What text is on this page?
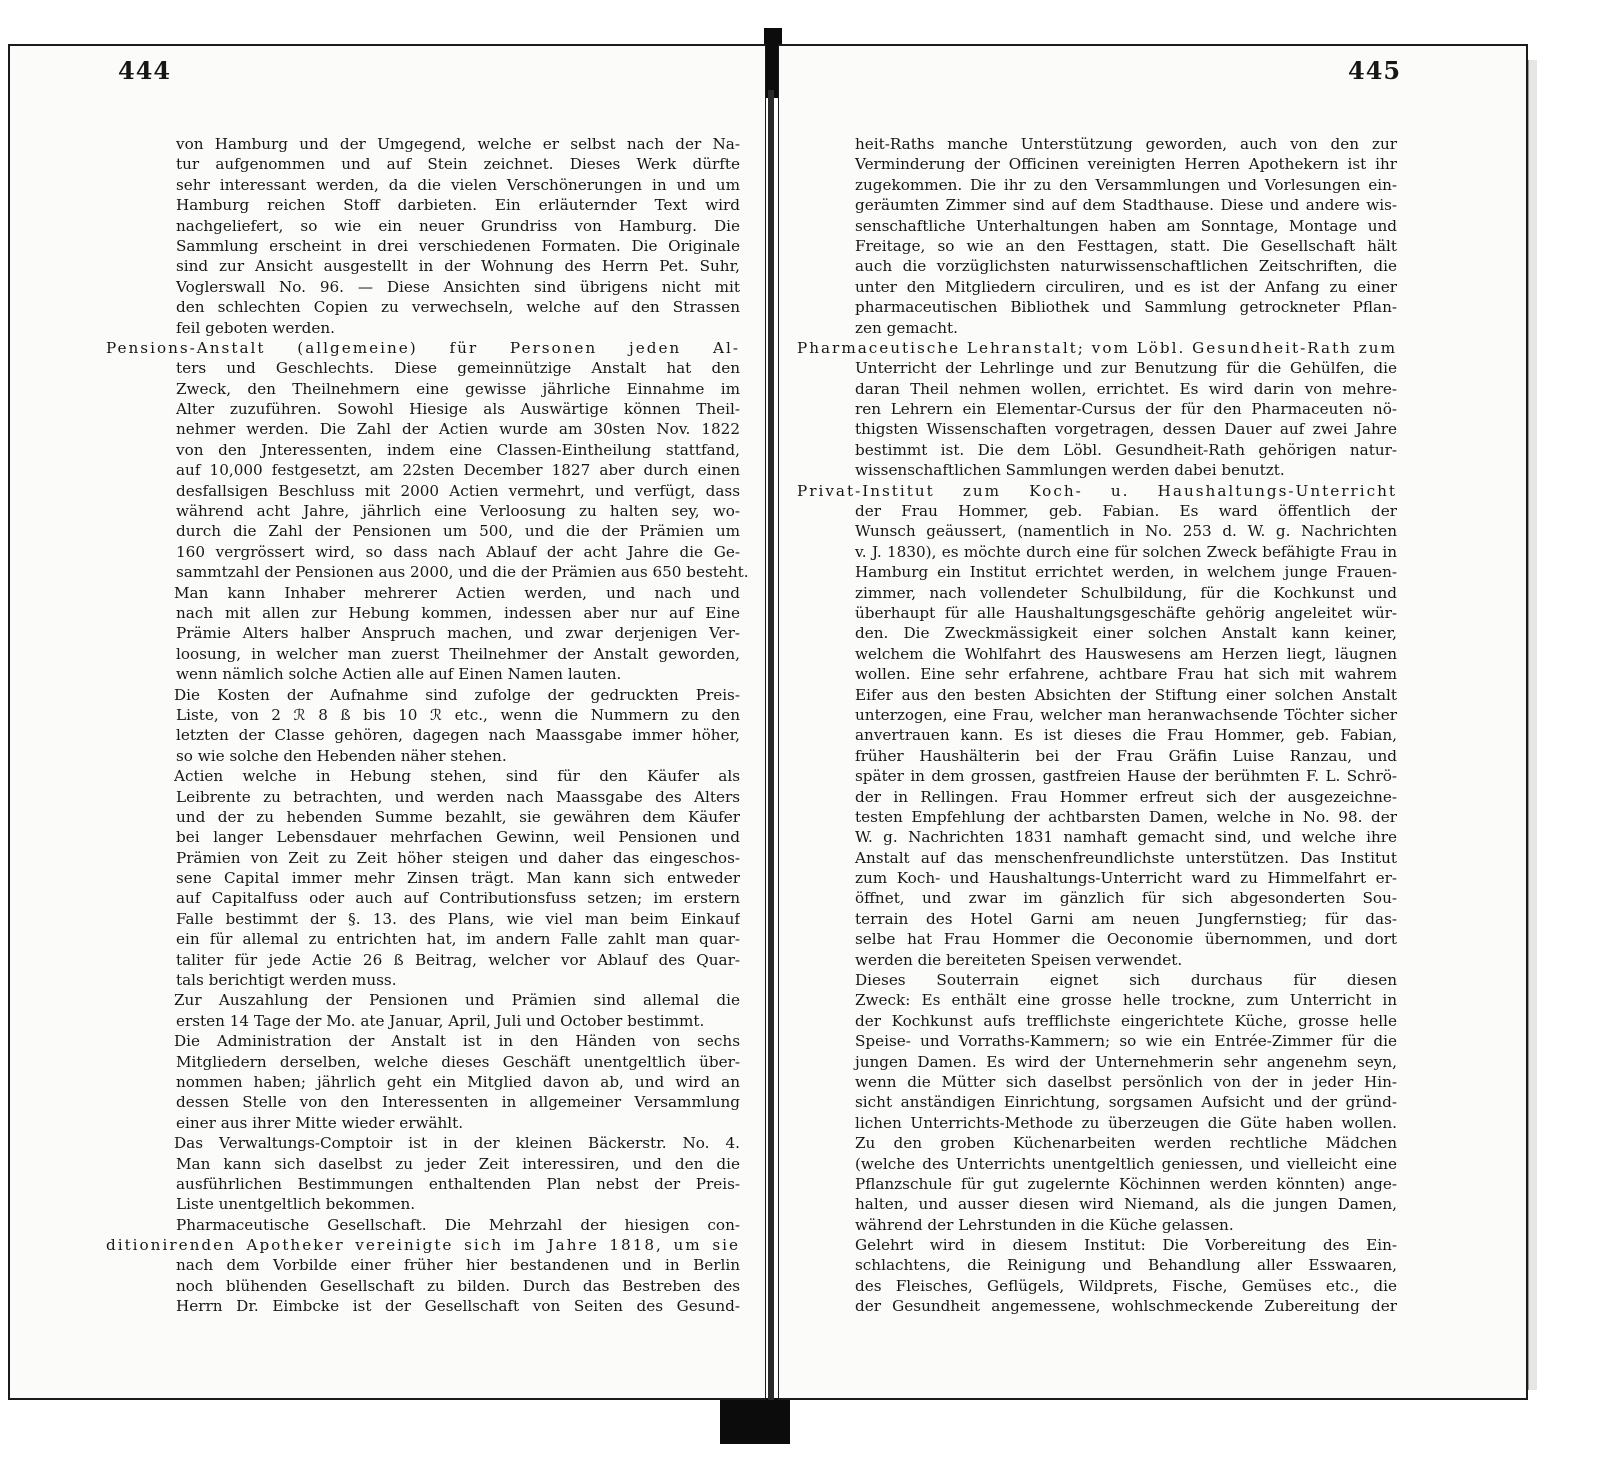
von Hamburg und der Umgegend, welche er selbst nach der Na-
tur aufgenommen und auf Stein zeichnet. Dieses Werk dürfte
sehr interessant werden, da die vielen Verschönerungen in und um
Hamburg reichen Stoff darbieten. Ein erläuternder Text wird
nachgeliefert, so wie ein neuer Grundriss von Hamburg. Die
Sammlung erscheint in drei verschiedenen Formaten. Die Originale
sind zur Ansicht ausgestellt in der Wohnung des Herrn Pet. Suhr,
Voglerswall No. 96. — Diese Ansichten sind übrigens nicht mit
den schlechten Copien zu verwechseln, welche auf den Strassen
feil geboten werden.
Pensions-Anstalt (allgemeine) für Personen jeden Al-
ters und Geschlechts. Diese gemeinnützige Anstalt hat den
Zweck, den Theilnehmern eine gewisse jährliche Einnahme im
Alter zuzuführen. Sowohl Hiesige als Auswärtige können Theil-
nehmer werden. Die Zahl der Actien wurde am 30sten Nov. 1822
von den Jnteressenten, indem eine Classen-Eintheilung stattfand,
auf 10,000 festgesetzt, am 22sten December 1827 aber durch einen
desfallsigen Beschluss mit 2000 Actien vermehrt, und verfügt, dass
während acht Jahre, jährlich eine Verloosung zu halten sey, wo-
durch die Zahl der Pensionen um 500, und die der Prämien um
160 vergrössert wird, so dass nach Ablauf der acht Jahre die Ge-
sammtzahl der Pensionen aus 2000, und die der Prämien aus 650 besteht.
Man kann Inhaber mehrerer Actien werden, und nach und
nach mit allen zur Hebung kommen, indessen aber nur auf Eine
Prämie Alters halber Anspruch machen, und zwar derjenigen Ver-
loosung, in welcher man zuerst Theilnehmer der Anstalt geworden,
wenn nämlich solche Actien alle auf Einen Namen lauten.
Die Kosten der Aufnahme sind zufolge der gedruckten Preis-
Liste, von 2 ℛ 8 ß bis 10 ℛ etc., wenn die Nummern zu den
letzten der Classe gehören, dagegen nach Maassgabe immer höher,
so wie solche den Hebenden näher stehen.
Actien welche in Hebung stehen, sind für den Käufer als
Leibrente zu betrachten, und werden nach Maassgabe des Alters
und der zu hebenden Summe bezahlt, sie gewähren dem Käufer
bei langer Lebensdauer mehrfachen Gewinn, weil Pensionen und
Prämien von Zeit zu Zeit höher steigen und daher das eingeschos-
sene Capital immer mehr Zinsen trägt. Man kann sich entweder
auf Capitalfuss oder auch auf Contributionsfuss setzen; im erstern
Falle bestimmt der §. 13. des Plans, wie viel man beim Einkauf
ein für allemal zu entrichten hat, im andern Falle zahlt man quar-
taliter für jede Actie 26 ß Beitrag, welcher vor Ablauf des Quar-
tals berichtigt werden muss.
Zur Auszahlung der Pensionen und Prämien sind allemal die
ersten 14 Tage der Mo. ate Januar, April, Juli und October bestimmt.
Die Administration der Anstalt ist in den Händen von sechs
Mitgliedern derselben, welche dieses Geschäft unentgeltlich über-
nommen haben; jährlich geht ein Mitglied davon ab, und wird an
dessen Stelle von den Interessenten in allgemeiner Versammlung
einer aus ihrer Mitte wieder erwählt.
Das Verwaltungs-Comptoir ist in der kleinen Bäckerstr. No. 4.
Man kann sich daselbst zu jeder Zeit interessiren, und den die
ausführlichen Bestimmungen enthaltenden Plan nebst der Preis-
Liste unentgeltlich bekommen.
Pharmaceutische Gesellschaft. Die Mehrzahl der hiesigen con-
ditionirenden Apotheker vereinigte sich im Jahre 1818, um sie
nach dem Vorbilde einer früher hier bestandenen und in Berlin
noch blühenden Gesellschaft zu bilden. Durch das Bestreben des
Herrn Dr. Eimbcke ist der Gesellschaft von Seiten des Gesund-
heit-Raths manche Unterstützung geworden, auch von den zur
Verminderung der Officinen vereinigten Herren Apothekern ist ihr
zugekommen. Die ihr zu den Versammlungen und Vorlesungen ein-
geräumten Zimmer sind auf dem Stadthause. Diese und andere wis-
senschaftliche Unterhaltungen haben am Sonntage, Montage und
Freitage, so wie an den Festtagen, statt. Die Gesellschaft hält
auch die vorzüglichsten naturwissenschaftlichen Zeitschriften, die
unter den Mitgliedern circuliren, und es ist der Anfang zu einer
pharmaceutischen Bibliothek und Sammlung getrockneter Pflan-
zen gemacht.
Pharmaceutische Lehranstalt; vom Löbl. Gesundheit-Rath zum
Unterricht der Lehrlinge und zur Benutzung für die Gehülfen, die
daran Theil nehmen wollen, errichtet. Es wird darin von mehre-
ren Lehrern ein Elementar-Cursus der für den Pharmaceuten nö-
thigsten Wissenschaften vorgetragen, dessen Dauer auf zwei Jahre
bestimmt ist. Die dem Löbl. Gesundheit-Rath gehörigen natur-
wissenschaftlichen Sammlungen werden dabei benutzt.
Privat-Institut zum Koch- u. Haushaltungs-Unterricht
der Frau Hommer, geb. Fabian. Es ward öffentlich der
Wunsch geäussert, (namentlich in No. 253 d. W. g. Nachrichten
v. J. 1830), es möchte durch eine für solchen Zweck befähigte Frau in
Hamburg ein Institut errichtet werden, in welchem junge Frauen-
zimmer, nach vollendeter Schulbildung, für die Kochkunst und
überhaupt für alle Haushaltungsgeschäfte gehörig angeleitet wür-
den. Die Zweckmässigkeit einer solchen Anstalt kann keiner,
welchem die Wohlfahrt des Hauswesens am Herzen liegt, läugnen
wollen. Eine sehr erfahrene, achtbare Frau hat sich mit wahrem
Eifer aus den besten Absichten der Stiftung einer solchen Anstalt
unterzogen, eine Frau, welcher man heranwachsende Töchter sicher
anvertrauen kann. Es ist dieses die Frau Hommer, geb. Fabian,
früher Haushälterin bei der Frau Gräfin Luise Ranzau, und
später in dem grossen, gastfreien Hause der berühmten F. L. Schrö-
der in Rellingen. Frau Hommer erfreut sich der ausgezeichne-
testen Empfehlung der achtbarsten Damen, welche in No. 98. der
W. g. Nachrichten 1831 namhaft gemacht sind, und welche ihre
Anstalt auf das menschenfreundlichste unterstützen. Das Institut
zum Koch- und Haushaltungs-Unterricht ward zu Himmelfahrt er-
öffnet, und zwar im gänzlich für sich abgesonderten Sou-
terrain des Hotel Garni am neuen Jungfernstieg; für das-
selbe hat Frau Hommer die Oeconomie übernommen, und dort
werden die bereiteten Speisen verwendet.
Dieses Souterrain eignet sich durchaus für diesen
Zweck: Es enthält eine grosse helle trockne, zum Unterricht in
der Kochkunst aufs trefflichste eingerichtete Küche, grosse helle
Speise- und Vorraths-Kammern; so wie ein Entrée-Zimmer für die
jungen Damen. Es wird der Unternehmerin sehr angenehm seyn,
wenn die Mütter sich daselbst persönlich von der in jeder Hin-
sicht anständigen Einrichtung, sorgsamen Aufsicht und der gründ-
lichen Unterrichts-Methode zu überzeugen die Güte haben wollen.
Zu den groben Küchenarbeiten werden rechtliche Mädchen
(welche des Unterrichts unentgeltlich geniessen, und vielleicht eine
Pflanzschule für gut zugelernte Köchinnen werden könnten) ange-
halten, und ausser diesen wird Niemand, als die jungen Damen,
während der Lehrstunden in die Küche gelassen.
Gelehrt wird in diesem Institut: Die Vorbereitung des Ein-
schlachtens, die Reinigung und Behandlung aller Esswaaren,
des Fleisches, Geflügels, Wildprets, Fische, Gemüses etc., die
der Gesundheit angemessene, wohlschmeckende Zubereitung der
444	445
